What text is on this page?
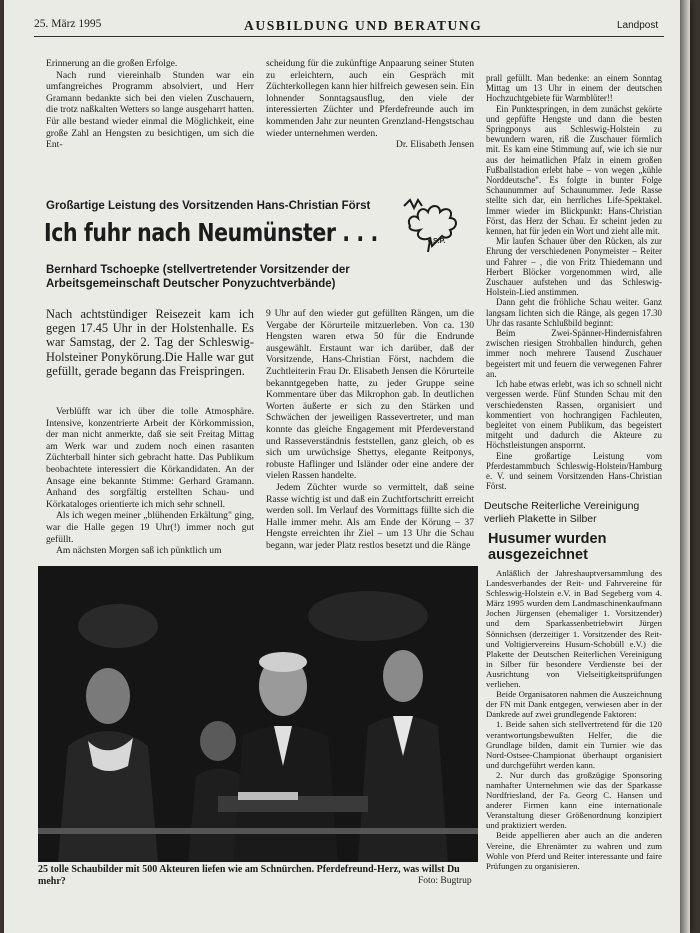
25. März 1995	AUSBILDUNG UND BERATUNG	Landpost

Erinnerung an die großen Erfolge.

Nach rund viereinhalb Stunden war ein umfangreiches Programm absolviert, und Herr Gramann bedankte sich bei den vielen Zuschauern, die trotz naßkalten Wetters so lange ausgeharrt hatten. Für alle bestand wieder einmal die Möglichkeit, eine große Zahl an Hengsten zu besichtigen, um sich die Ent-

scheidung für die zukünftige Anpaarung seiner Stuten zu erleichtern, auch ein Gespräch mit Züchterkollegen kann hier hilfreich gewesen sein. Ein lohnender Sonntagsausflug, den viele der interessierten Züchter und Pferdefreunde auch im kommenden Jahr zur neunten Grenzland-Hengstschau wieder unternehmen werden.

Dr. Elisabeth Jensen

Großartige Leistung des Vorsitzenden Hans-Christian Först
Ich fuhr nach Neumünster . . .	V.S.P.
Bernhard Tschoepke (stellvertretender Vorsitzender der Arbeitsgemeinschaft Deutscher Ponyzuchtverbände)
Nach achtstündiger Reisezeit kam ich gegen 17.45 Uhr in der Holstenhalle. Es war Samstag, der 2. Tag der Schleswig-Holsteiner Ponykörung.Die Halle war gut gefüllt, gerade begann das Freispringen.

Verblüfft war ich über die tolle Atmosphäre. Intensive, konzentrierte Arbeit der Körkommission, der man nicht anmerkte, daß sie seit Freitag Mittag am Werk war und zudem noch einen rasanten Züchterball hinter sich gebracht hatte. Das Publikum beobachtete interessiert die Körkandidaten. An der Ansage eine bekannte Stimme: Gerhard Gramann. Anhand des sorgfältig erstellten Schau- und Körkataloges orientierte ich mich sehr schnell.

Als ich wegen meiner „blühenden Erkältung" ging, war die Halle gegen 19 Uhr(!) immer noch gut gefüllt.

Am nächsten Morgen saß ich pünktlich um

9 Uhr auf den wieder gut gefüllten Rängen, um die Vergabe der Körurteile mitzuerleben. Von ca. 130 Hengsten waren etwa 50 für die Endrunde ausgewählt. Erstaunt war ich darüber, daß der Vorsitzende, Hans-Christian Först, nachdem die Zuchtleiterin Frau Dr. Elisabeth Jensen die Körurteile bekanntgegeben hatte, zu jeder Gruppe seine Kommentare über das Mikrophon gab. In deutlichen Worten äußerte er sich zu den Stärken und Schwächen der jeweiligen Rassevertreter, und man konnte das gleiche Engagement mit Pferdeverstand und Rasseverständnis feststellen, ganz gleich, ob es sich um urwüchsige Shettys, elegante Reitponys, robuste Haflinger und Isländer oder eine andere der vielen Rassen handelte.

Jedem Züchter wurde so vermittelt, daß seine Rasse wichtig ist und daß ein Zuchtfortschritt erreicht werden soll. Im Verlauf des Vormittags füllte sich die Halle immer mehr. Als am Ende der Körung – 37 Hengste erreichten ihr Ziel – um 13 Uhr die Schau begann, war jeder Platz restlos besetzt und die Ränge

prall gefüllt. Man bedenke: an einem Sonntag Mittag um 13 Uhr in einem der deutschen Hochzuchtgebiete für Warmblüter!!

Ein Punktespringen, in dem zunächst gekörte und gepfüfte Hengste und dann die besten Springponys aus Schleswig-Holstein zu bewundern waren, riß die Zuschauer förmlich mit. Es kam eine Stimmung auf, wie ich sie nur aus der heimatlichen Pfalz in einem großen Fußballstadion erlebt habe – von wegen „kühle Norddeutsche". Es folgte in bunter Folge Schaunummer auf Schaunummer. Jede Rasse stellte sich dar, ein herrliches Life-Spektakel. Immer wieder im Blickpunkt: Hans-Christian Först, das Herz der Schau. Er scheint jeden zu kennen, hat für jeden ein Wort und zieht alle mit.

Mir laufen Schauer über den Rücken, als zur Ehrung der verschiedenen Ponymeister – Reiter und Fahrer – , die von Fritz Thiedemann und Herbert Blöcker vorgenommen wird, alle Zuschauer aufstehen und das Schleswig-Holstein-Lied anstimmen.

Dann geht die fröhliche Schau weiter. Ganz langsam lichten sich die Ränge, als gegen 17.30 Uhr das rasante Schlußbild beginnt:

Beim Zwei-Spänner-Hindernisfahren zwischen riesigen Strohballen hindurch, gehen immer noch mehrere Tausend Zuschauer begeistert mit und feuern die verwegenen Fahrer an.

Ich habe etwas erlebt, was ich so schnell nicht vergessen werde. Fünf Stunden Schau mit den verschiedensten Rassen, organisiert und kommentiert von hochrangigen Fachleuten, begleitet von einem Publikum, das begeistert mitgeht und dadurch die Akteure zu Höchstleistungen ansporrnt.

Eine großartige Leistung vom Pferdestammbuch Schleswig-Holstein/Hamburg e. V. und seinem Vorsitzenden Hans-Christian Först.

Deutsche Reiterliche Vereinigung verlieh Plakette in Silber
Husumer wurden ausgezeichnet

Anläßlich der Jahreshauptversammlung des Landesverbandes der Reit- und Fahrvereine für Schleswig-Holstein e.V. in Bad Segeberg vom 4. März 1995 wurden dem Landmaschinenkaufmann Jochen Jürgensen (ehemaliger 1. Vorsitzender) und dem Sparkassenbetriebwirt Jürgen Sönnichsen (derzeitiger 1. Vorsitzender des Reit- und Voltigiervereins Husum-Schobüll e.V.) die Plakette der Deutschen Reiterlichen Vereinigung in Silber für besondere Verdienste bei der Ausrichtung von Vielseitigkeitsprüfungen verliehen.

Beide Organisatoren nahmen die Auszeichnung der FN mit Dank entgegen, verwiesen aber in der Dankrede auf zwei grundlegende Faktoren:

1. Beide sahen sich stellvertretend für die 120 verantwortungsbewußten Helfer, die die Grundlage bilden, damit ein Turnier wie das Nord-Ostsee-Championat überhaupt organisiert und durchgeführt werden kann.

2. Nur durch das großzügige Sponsoring namhafter Unternehmen wie das der Sparkasse Nordfriesland, der Fa. Georg C. Hansen und anderer Firmen kann eine internationale Veranstaltung dieser Größenordnung konzipiert und praktiziert werden.

Beide appellieren aber auch an die anderen Vereine, die Ehrenämter zu wahren und zum Wohle von Pferd und Reiter interessante und faire Prüfungen zu organisieren.

25 tolle Schaubilder mit 500 Akteuren liefen wie am Schnürchen. Pferdefreund-Herz, was willst Du mehr?	Foto: Bugtrup
